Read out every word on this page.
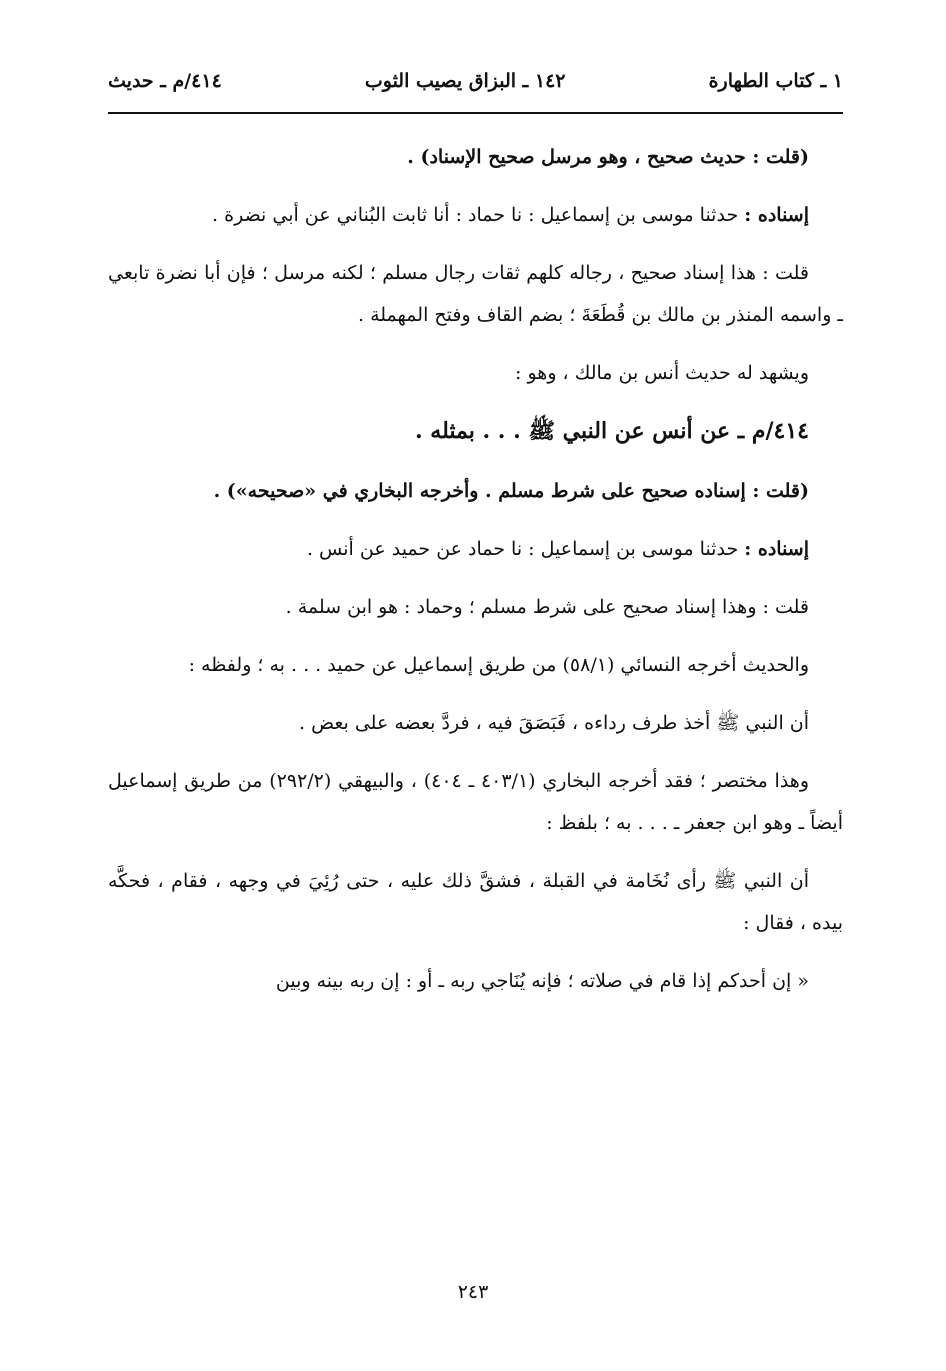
١ ـ كتاب الطهارة
١٤٢ ـ البزاق يصيب الثوب
٤١٤/م ـ حديث

(قلت : حديث صحيح ، وهو مرسل صحيح الإسناد) .

إسناده : حدثنا موسى بن إسماعيل : نا حماد : أنا ثابت البُناني عن أبي نضرة .

قلت : هذا إسناد صحيح ، رجاله كلهم ثقات رجال مسلم ؛ لكنه مرسل ؛ فإن أبا نضرة تابعي ـ واسمه المنذر بن مالك بن قُطَعَةَ ؛ بضم القاف وفتح المهملة .

ويشهد له حديث أنس بن مالك ، وهو :

٤١٤/م ـ عن أنس عن النبي ﷺ . . . بمثله .

(قلت : إسناده صحيح على شرط مسلم . وأخرجه البخاري في «صحيحه») .

إسناده : حدثنا موسى بن إسماعيل : نا حماد عن حميد عن أنس .

قلت : وهذا إسناد صحيح على شرط مسلم ؛ وحماد : هو ابن سلمة .

والحديث أخرجه النسائي (٥٨/١) من طريق إسماعيل عن حميد . . . به ؛ ولفظه :

أن النبي ﷺ أخذ طرف رداءه ، فَبَصَقَ فيه ، فردَّ بعضه على بعض .

وهذا مختصر ؛ فقد أخرجه البخاري (٤٠٣/١ ـ ٤٠٤) ، والبيهقي (٢٩٢/٢) من طريق إسماعيل أيضاً ـ وهو ابن جعفر ـ . . . به ؛ بلفظ :

أن النبي ﷺ رأى نُخَامة في القبلة ، فشقَّ ذلك عليه ، حتى رُئِيَ في وجهه ، فقام ، فحكَّه بيده ، فقال :

« إن أحدكم إذا قام في صلاته ؛ فإنه يُنَاجي ربه ـ أو : إن ربه بينه وبين

٢٤٣
